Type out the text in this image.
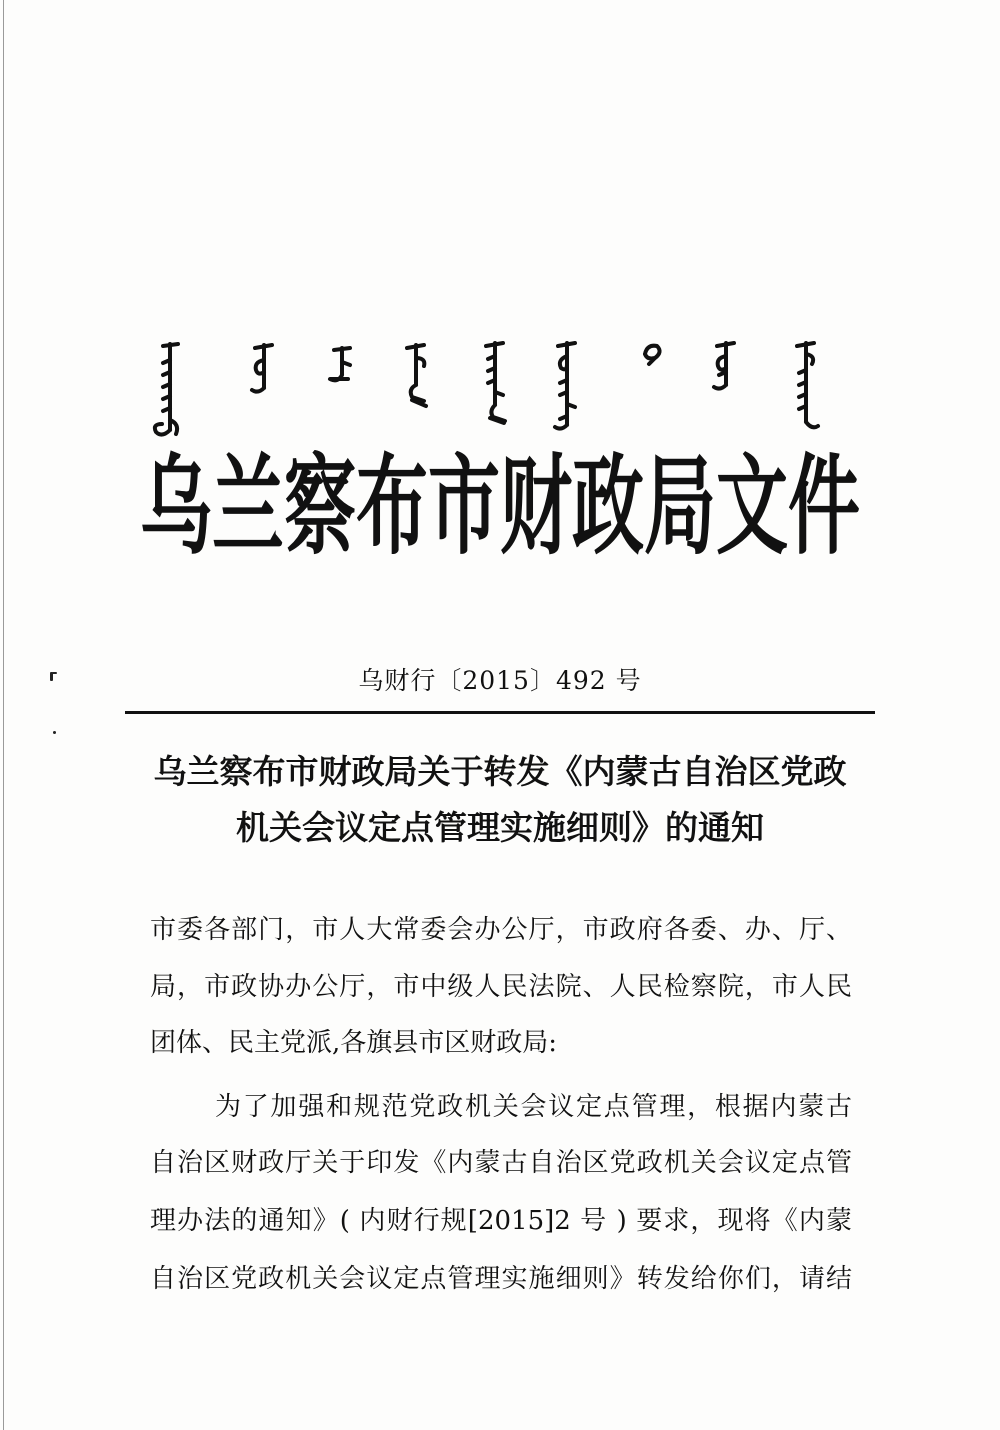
乌兰察布市财政局文件
乌财行〔2015〕492 号
乌兰察布市财政局关于转发《内蒙古自治区党政
机关会议定点管理实施细则》的通知
市委各部门，市人大常委会办公厅，市政府各委、办、厅、
局，市政协办公厅，市中级人民法院、人民检察院，市人民
团体、民主党派,各旗县市区财政局:
为了加强和规范党政机关会议定点管理，根据内蒙古
自治区财政厅关于印发《内蒙古自治区党政机关会议定点管
理办法的通知》( 内财行规[2015]2 号 ) 要求，现将《内蒙
自治区党政机关会议定点管理实施细则》转发给你们，请结
